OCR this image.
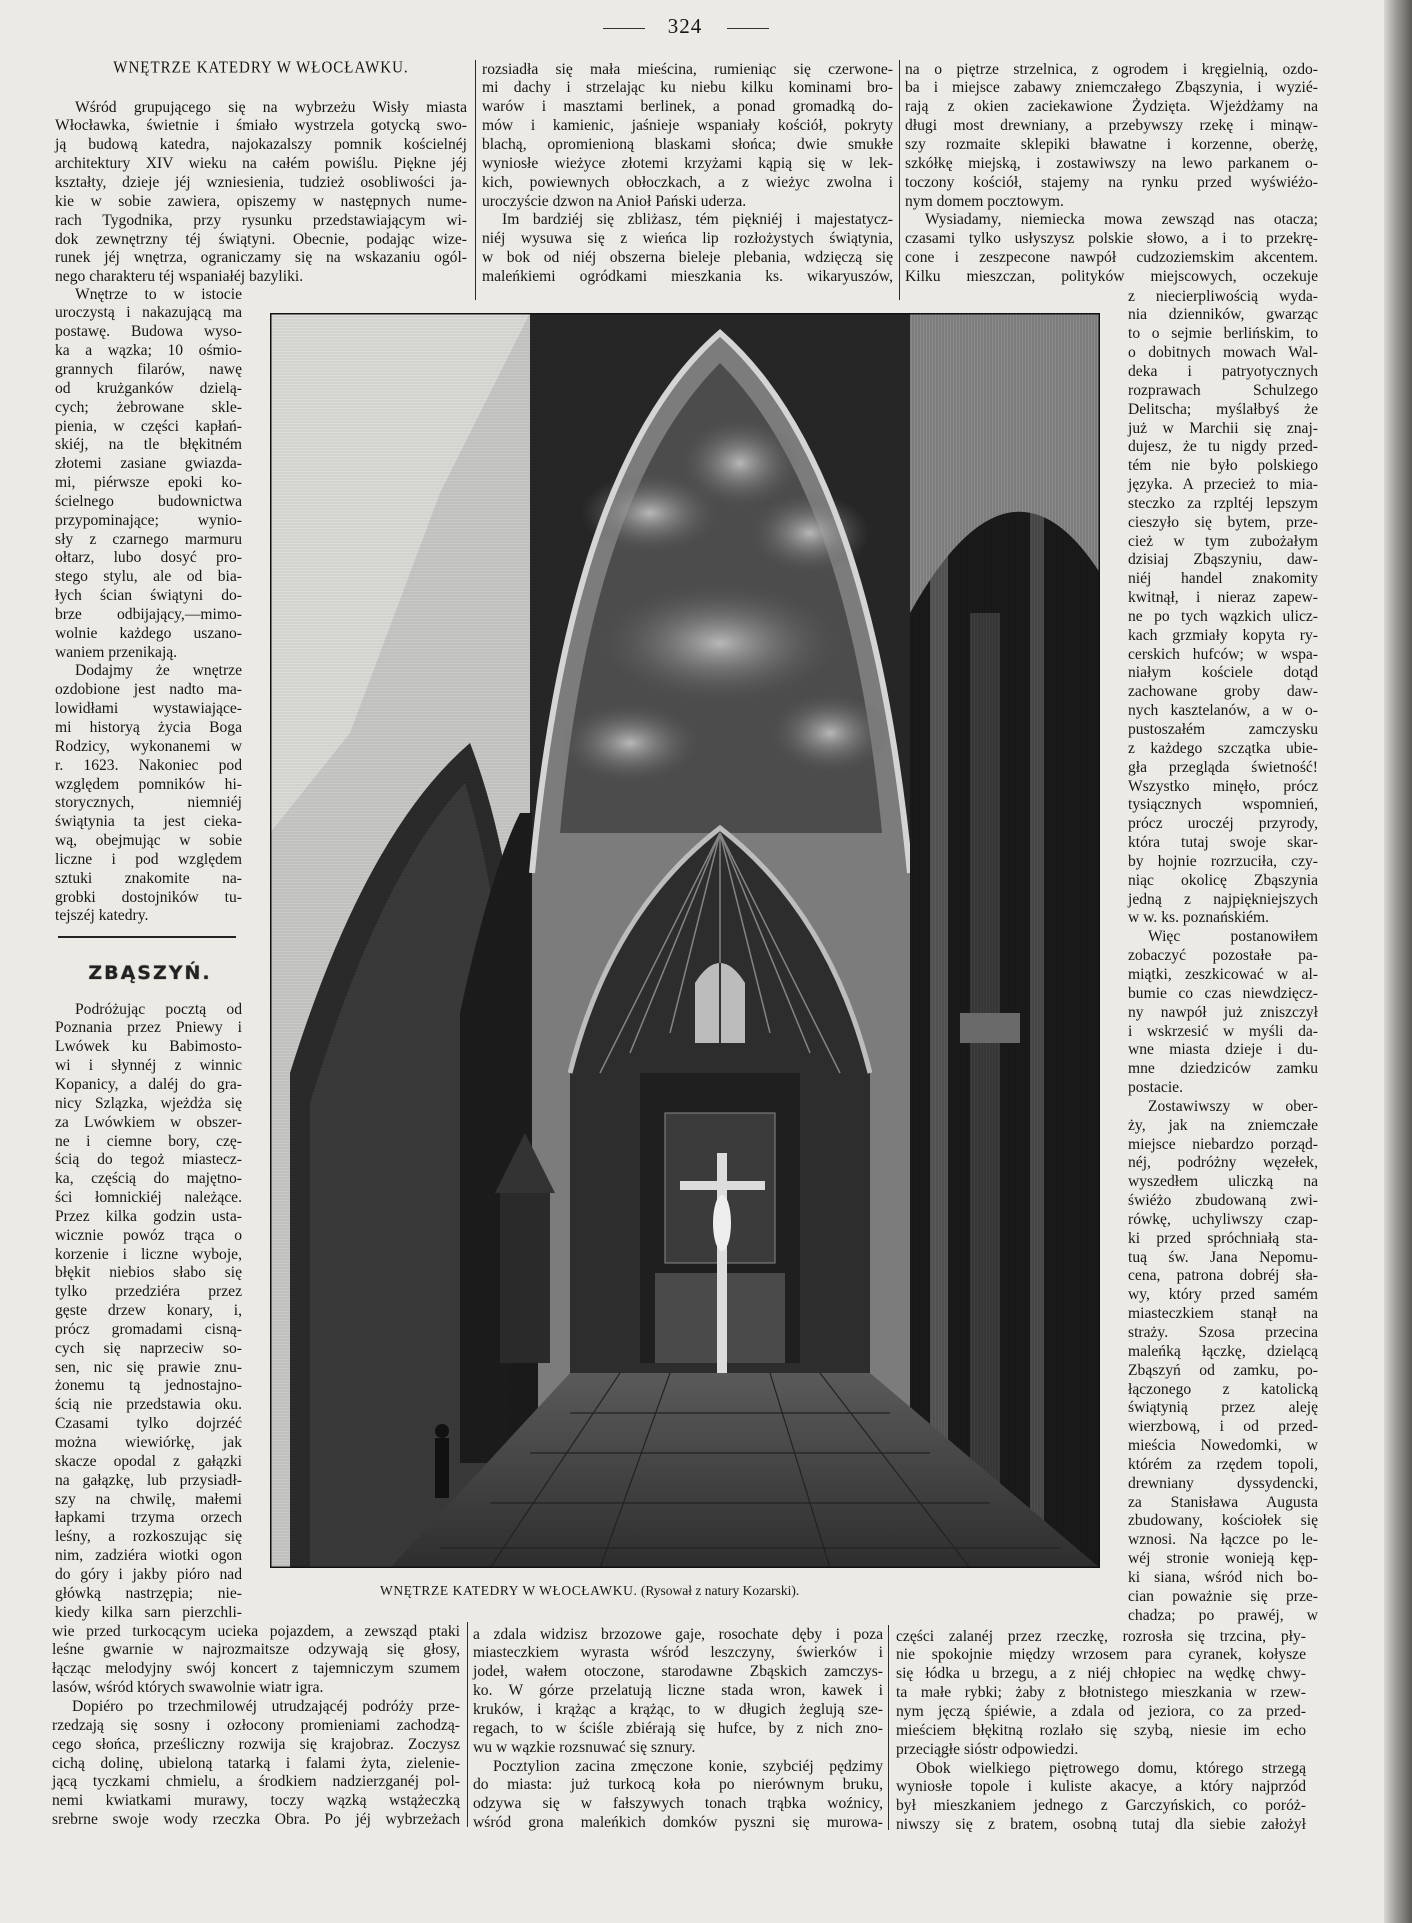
324
WNĘTRZE KATEDRY W WŁOCŁAWKU.
Wśród grupującego się na wybrzeżu Wisły miasta
Włocławka, świetnie i śmiało wystrzela gotycką swo-
ją budową katedra, najokazalszy pomnik kościelnéj
architektury XIV wieku na całém powiślu. Piękne jéj
kształty, dzieje jéj wzniesienia, tudzież osobliwości ja-
kie w sobie zawiera, opiszemy w następnych nume-
rach Tygodnika, przy rysunku przedstawiającym wi-
dok zewnętrzny téj świątyni. Obecnie, podając wize-
runek jéj wnętrza, ograniczamy się na wskazaniu ogól-
nego charakteru téj wspaniałéj bazyliki.
Wnętrze to w istocie
uroczystą i nakazującą ma
postawę. Budowa wyso-
ka a wązka; 10 ośmio-
grannych filarów, nawę
od krużganków dzielą-
cych; żebrowane skle-
pienia, w części kapłań-
skiéj, na tle błękitném
złotemi zasiane gwiazda-
mi, piérwsze epoki ko-
ścielnego budownictwa
przypominające; wynio-
sły z czarnego marmuru
ołtarz, lubo dosyć pro-
stego stylu, ale od bia-
łych ścian świątyni do-
brze odbijający,—mimo-
wolnie każdego uszano-
waniem przenikają.
Dodajmy że wnętrze
ozdobione jest nadto ma-
lowidłami wystawiające-
mi historyą życia Boga
Rodzicy, wykonanemi w
r. 1623. Nakoniec pod
względem pomników hi-
storycznych, niemniéj
świątynia ta jest cieka-
wą, obejmując w sobie
liczne i pod względem
sztuki znakomite na-
grobki dostojników tu-
tejszéj katedry.
ZBĄSZYŃ.
Podróżując pocztą od
Poznania przez Pniewy i
Lwówek ku Babimosto-
wi i słynnéj z winnic
Kopanicy, a daléj do gra-
nicy Szlązka, wjeżdża się
za Lwówkiem w obszer-
ne i ciemne bory, czę-
ścią do tegoż miastecz-
ka, częścią do majętno-
ści łomnickiéj należące.
Przez kilka godzin usta-
wicznie powóz trąca o
korzenie i liczne wyboje,
błękit niebios słabo się
tylko przedziéra przez
gęste drzew konary, i,
prócz gromadami cisną-
cych się naprzeciw so-
sen, nic się prawie znu-
żonemu tą jednostajno-
ścią nie przedstawia oku.
Czasami tylko dojrzéć
można wiewiórkę, jak
skacze opodal z gałązki
na gałązkę, lub przysiadł-
szy na chwilę, małemi
łapkami trzyma orzech
leśny, a rozkoszując się
nim, zadziéra wiotki ogon
do góry i jakby pióro nad
główką nastrzępia; nie-
kiedy kilka sarn pierzchli-
rozsiadła się mała mieścina, rumieniąc się czerwone-
mi dachy i strzelając ku niebu kilku kominami bro-
warów i masztami berlinek, a ponad gromadką do-
mów i kamienic, jaśnieje wspaniały kościół, pokryty
blachą, opromienioną blaskami słońca; dwie smukłe
wyniosłe wieżyce złotemi krzyżami kąpią się w lek-
kich, powiewnych obłoczkach, a z wieżyc zwolna i
uroczyście dzwon na Anioł Pański uderza.
Im bardziéj się zbliżasz, tém piękniéj i majestatycz-
niéj wysuwa się z wieńca lip rozłożystych świątynia,
w bok od niéj obszerna bieleje plebania, wdzięczą się
maleńkiemi ogródkami mieszkania ks. wikaryuszów,
na o piętrze strzelnica, z ogrodem i kręgielnią, ozdo-
ba i miejsce zabawy zniemczałego Zbąszynia, i wyzié-
rają z okien zaciekawione Żydzięta. Wjeżdżamy na
długi most drewniany, a przebywszy rzekę i minąw-
szy rozmaite sklepiki bławatne i korzenne, oberżę,
szkółkę miejską, i zostawiwszy na lewo parkanem o-
toczony kościół, stajemy na rynku przed wyświéżo-
nym domem pocztowym.
Wysiadamy, niemiecka mowa zewsząd nas otacza;
czasami tylko usłyszysz polskie słowo, a i to przekrę-
cone i zeszpecone nawpół cudzoziemskim akcentem.
Kilku mieszczan, polityków miejscowych, oczekuje
z niecierpliwością wyda-
nia dzienników, gwarząc
to o sejmie berlińskim, to
o dobitnych mowach Wal-
deka i patryotycznych
rozprawach Schulzego
Delitscha; myślałbyś że
już w Marchii się znaj-
dujesz, że tu nigdy przed-
tém nie było polskiego
języka. A przecież to mia-
steczko za rzpltéj lepszym
cieszyło się bytem, prze-
cież w tym zubożałym
dzisiaj Zbąszyniu, daw-
niéj handel znakomity
kwitnął, i nieraz zapew-
ne po tych wązkich ulicz-
kach grzmiały kopyta ry-
cerskich hufców; w wspa-
niałym kościele dotąd
zachowane groby daw-
nych kasztelanów, a w o-
pustoszałém zamczysku
z każdego szczątka ubie-
gła przegląda świetność!
Wszystko minęło, prócz
tysiącznych wspomnień,
prócz uroczéj przyrody,
która tutaj swoje skar-
by hojnie rozrzuciła, czy-
niąc okolicę Zbąszynia
jedną z najpiękniejszych
w w. ks. poznańskiém.
Więc postanowiłem
zobaczyć pozostałe pa-
miątki, zeszkicować w al-
bumie co czas niewdzięcz-
ny nawpół już zniszczył
i wskrzesić w myśli da-
wne miasta dzieje i du-
mne dziedziców zamku
postacie.
Zostawiwszy w ober-
ży, jak na zniemczałe
miejsce niebardzo porząd-
néj, podróżny węzełek,
wyszedłem uliczką na
świéżo zbudowaną zwi-
rówkę, uchyliwszy czap-
ki przed spróchniałą sta-
tuą św. Jana Nepomu-
cena, patrona dobréj sła-
wy, który przed samém
miasteczkiem stanął na
straży. Szosa przecina
maleńką łączkę, dzielącą
Zbąszyń od zamku, po-
łączonego z katolicką
świątynią przez aleję
wierzbową, i od przed-
mieścia Nowedomki, w
którém za rzędem topoli,
drewniany dyssydencki,
za Stanisława Augusta
zbudowany, kościołek się
wznosi. Na łączce po le-
wéj stronie wonieją kęp-
ki siana, wśród nich bo-
cian poważnie się prze-
chadza; po prawéj, w
WNĘTRZE KATEDRY W WŁOCŁAWKU. (Rysował z natury Kozarski).
wie przed turkocącym ucieka pojazdem, a zewsząd ptaki
leśne gwarnie w najrozmaitsze odzywają się głosy,
łącząc melodyjny swój koncert z tajemniczym szumem
lasów, wśród których swawolnie wiatr igra.
Dopiéro po trzechmilowéj utrudzającéj podróży prze-
rzedzają się sosny i ozłocony promieniami zachodzą-
cego słońca, prześliczny rozwija się krajobraz. Zoczysz
cichą dolinę, ubieloną tatarką i falami żyta, zielenie-
jącą tyczkami chmielu, a środkiem nadzierzganéj pol-
nemi kwiatkami murawy, toczy wązką wstążeczką
srebrne swoje wody rzeczka Obra. Po jéj wybrzeżach
a zdala widzisz brzozowe gaje, rosochate dęby i poza
miasteczkiem wyrasta wśród leszczyny, świerków i
jodeł, wałem otoczone, starodawne Zbąskich zamczys-
ko. W górze przelatują liczne stada wron, kawek i
kruków, i krążąc a krążąc, to w długich żeglują sze-
regach, to w ściśle zbiérają się hufce, by z nich zno-
wu w wązkie rozsnuwać się sznury.
Pocztylion zacina zmęczone konie, szybciéj pędzimy
do miasta: już turkocą koła po nierównym bruku,
odzywa się w fałszywych tonach trąbka woźnicy,
wśród grona maleńkich domków pyszni się murowa-
części zalanéj przez rzeczkę, rozrosła się trzcina, pły-
nie spokojnie między wrzosem para cyranek, kołysze
się łódka u brzegu, a z niéj chłopiec na wędkę chwy-
ta małe rybki; żaby z błotnistego mieszkania w rzew-
nym jęczą śpiéwie, a zdala od jeziora, co za przed-
mieściem błękitną rozlało się szybą, niesie im echo
przeciągłe sióstr odpowiedzi.
Obok wielkiego piętrowego domu, którego strzegą
wyniosłe topole i kuliste akacye, a który najprzód
był mieszkaniem jednego z Garczyńskich, co poróż-
niwszy się z bratem, osobną tutaj dla siebie założył
